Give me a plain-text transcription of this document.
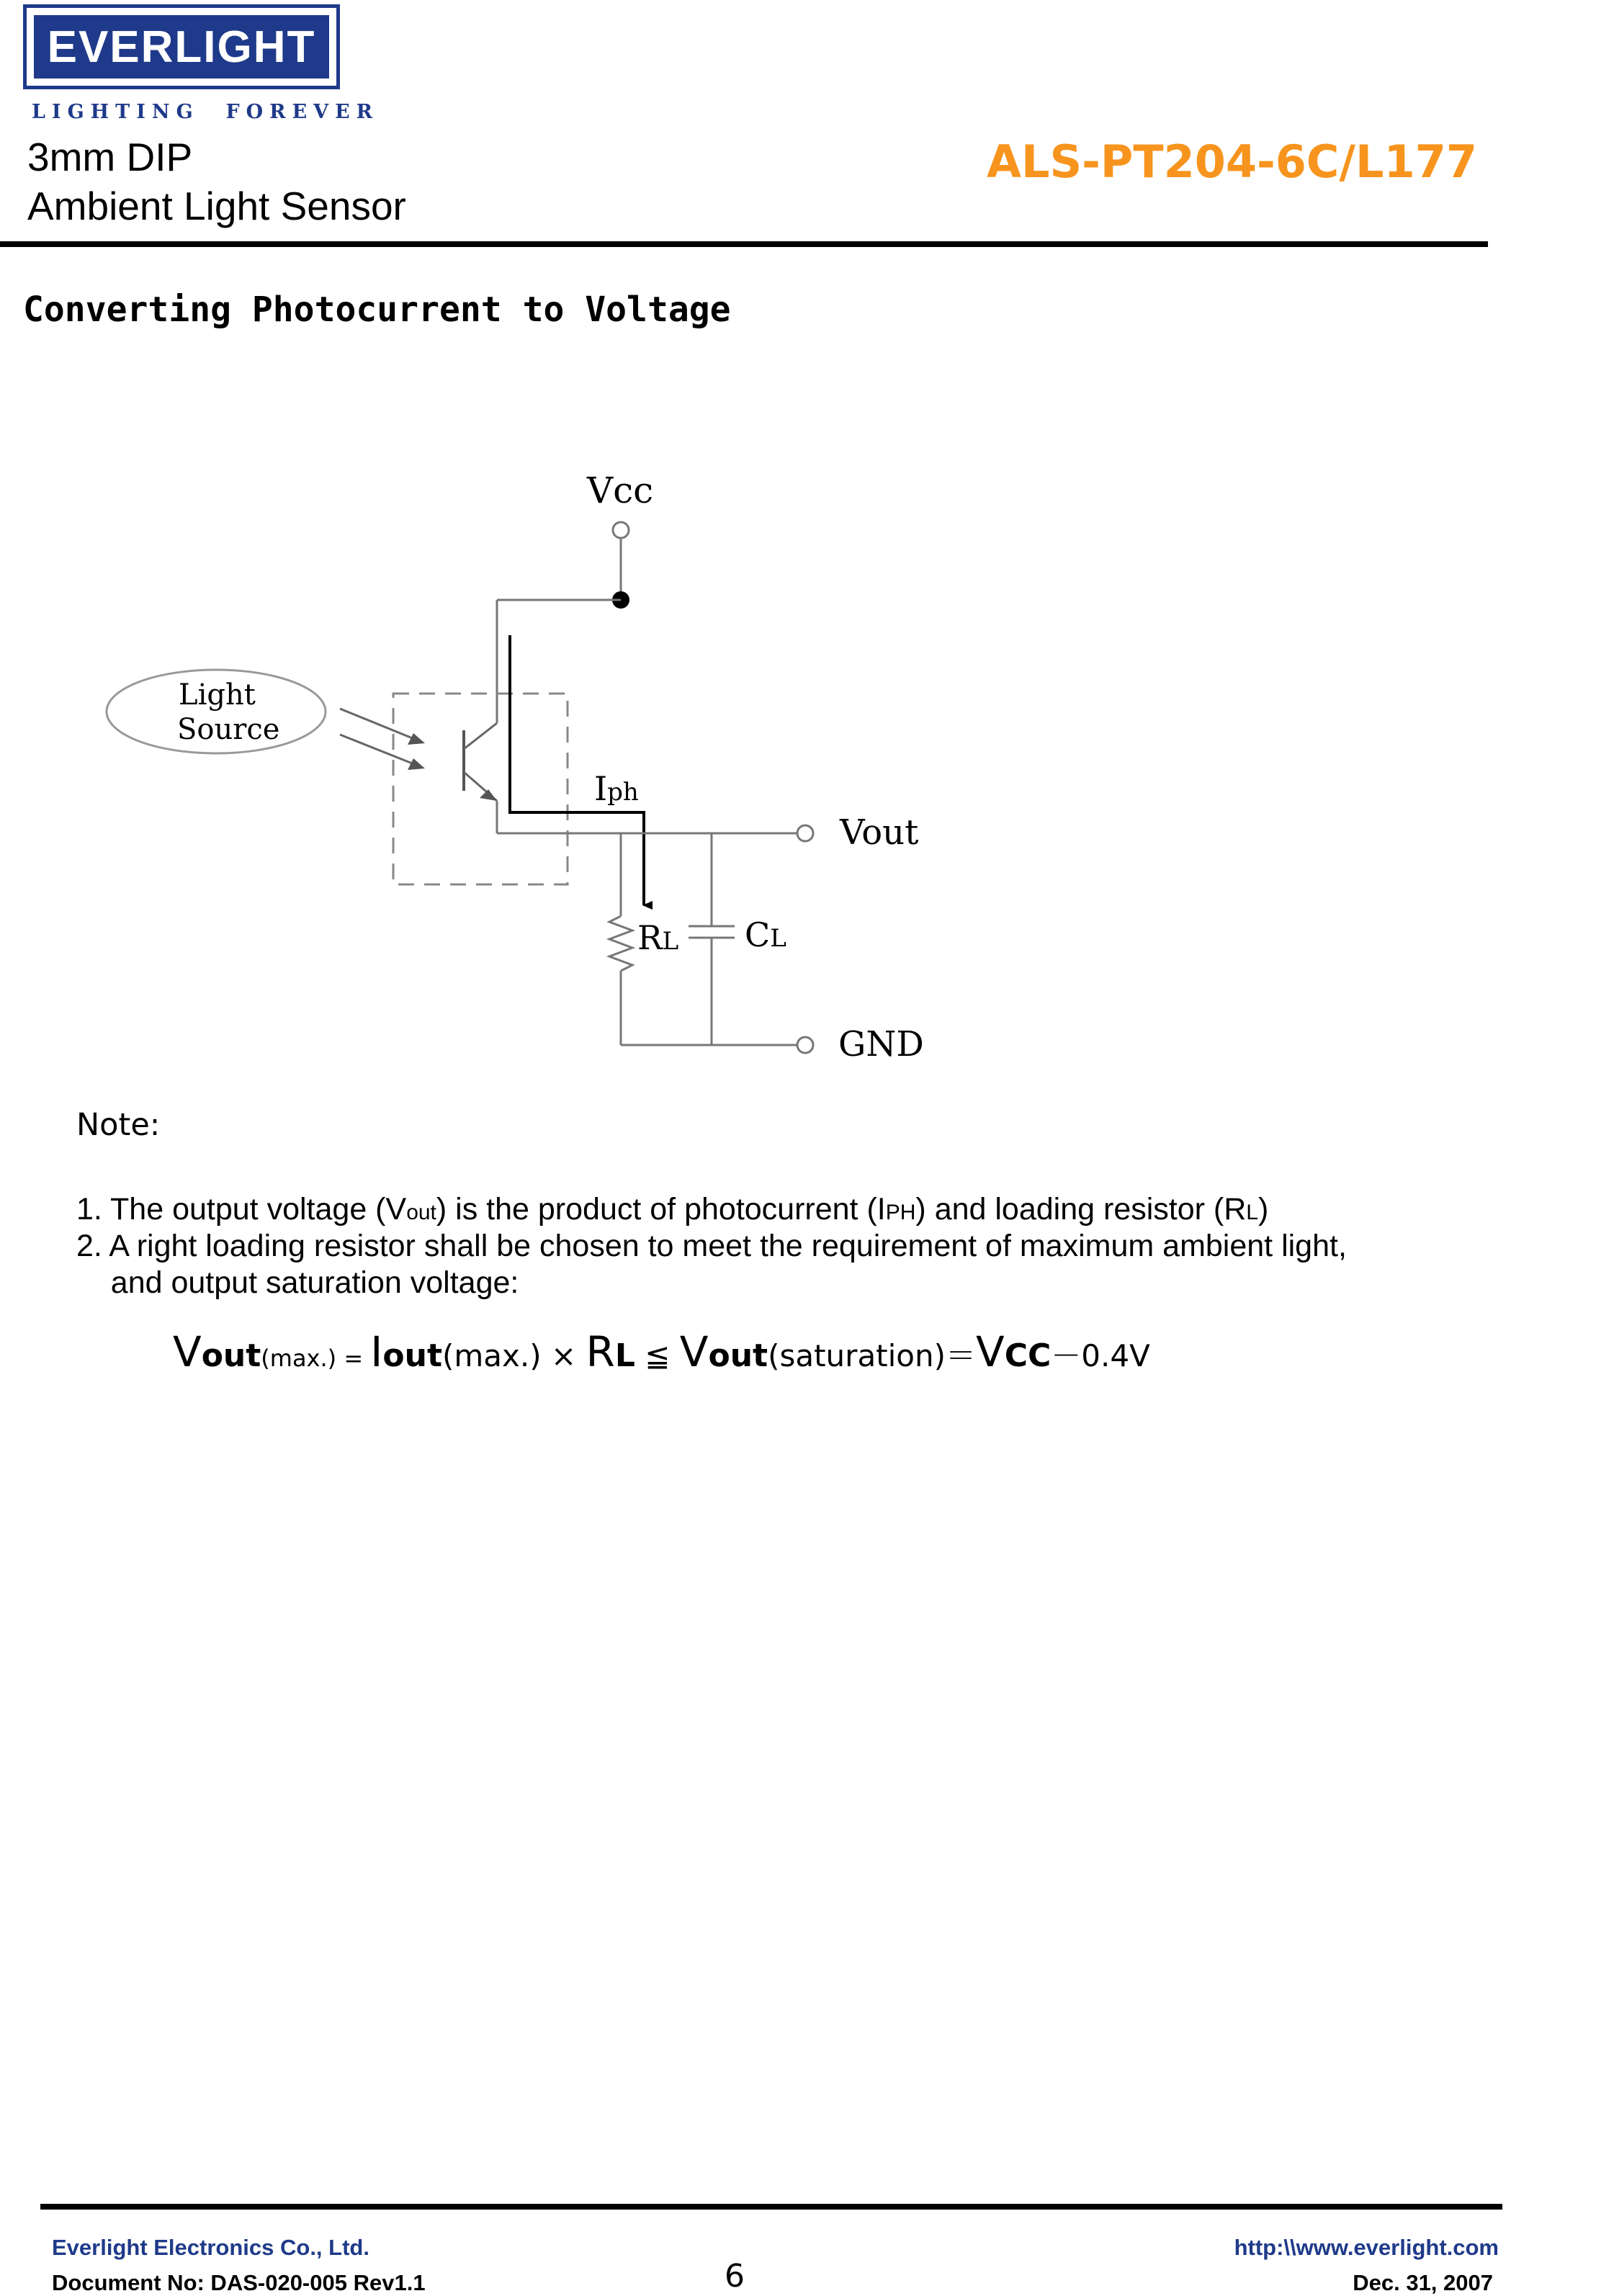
EVERLIGHT
LIGHTING  FOREVER
3mm DIP
Ambient Light Sensor
ALS-PT204-6C/L177
Converting Photocurrent to Voltage
Vcc
Light
Source
Iph
Vout
RL CL
GND
Note:
1. The output voltage (Vout) is the product of photocurrent (IPH) and loading resistor (RL)
2. A right loading resistor shall be chosen to meet the requirement of maximum ambient light,
and output saturation voltage:
Vout(max.) = Iout(max.) × RL ≦ Vout(saturation)＝VCC－0.4V
Everlight Electronics Co., Ltd.
Document No: DAS-020-005 Rev1.1	6
http:\\www.everlight.com
Dec. 31, 2007
